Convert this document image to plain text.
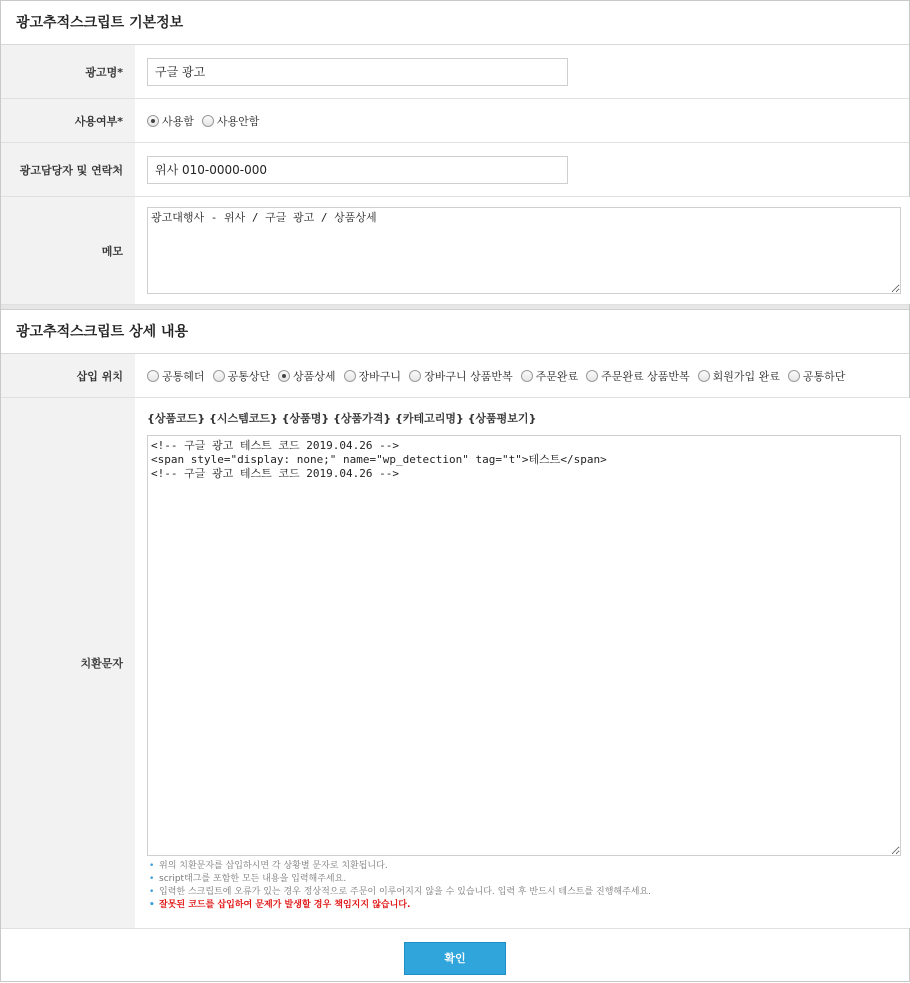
광고추적스크립트 기본정보
광고명*
구글 광고
사용여부*	사용함 사용안함
광고담당자 및 연락처
위사 010-0000-000
메모
광고대행사 - 위사 / 구글 광고 / 상품상세
광고추적스크립트 상세 내용
삽입 위치	공통헤더 공통상단 상품상세 장바구니 장바구니 상품반복 주문완료 주문완료 상품반복 회원가입 완료 공통하단
치환문자
{상품코드} {시스템코드} {상품명} {상품가격} {카테고리명} {상품평보기}
<!-- 구글 광고 테스트 코드 2019.04.26 --> <span style="display: none;" name="wp_detection" tag="t">테스트</span> <!-- 구글 광고 테스트 코드 2019.04.26 -->
• 위의 치환문자를 삽입하시면 각 상황별 문자로 치환됩니다.
• script태그를 포함한 모든 내용을 입력해주세요.
• 입력한 스크립트에 오류가 있는 경우 정상적으로 주문이 이루어지지 않을 수 있습니다. 입력 후 반드시 테스트를 진행해주세요.
• 잘못된 코드를 삽입하여 문제가 발생할 경우 책임지지 않습니다.
확인
